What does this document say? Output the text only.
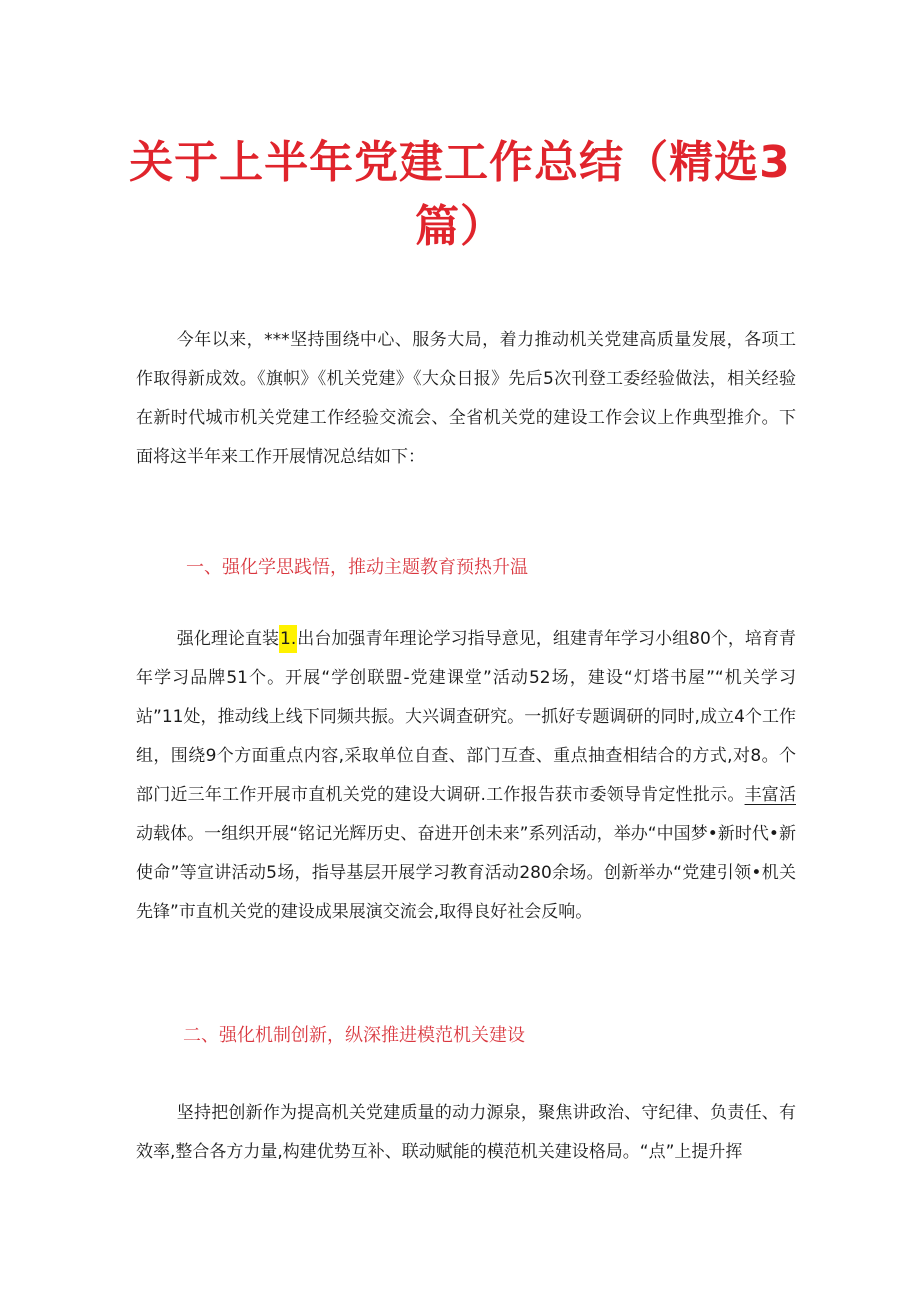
关于上半年党建工作总结（精选3
篇）

今年以来，***坚持围绕中心、服务大局，着力推动机关党建高质量发展，各项工作取得新成效。《旗帜》《机关党建》《大众日报》先后5次刊登工委经验做法，相关经验在新时代城市机关党建工作经验交流会、全省机关党的建设工作会议上作典型推介。下面将这半年来工作开展情况总结如下：

一、强化学思践悟，推动主题教育预热升温

强化理论直装1.出台加强青年理论学习指导意见，组建青年学习小组80个，培育青年学习品牌51个。开展“学创联盟-党建课堂”活动52场，建设“灯塔书屋”“机关学习站”11处，推动线上线下同频共振。大兴调查研究。一抓好专题调研的同时,成立4个工作组，围绕9个方面重点内容,采取单位自查、部门互查、重点抽查相结合的方式,对8。个部门近三年工作开展市直机关党的建设大调研.工作报告获市委领导肯定性批示。丰富活动载体。一组织开展“铭记光辉历史、奋进开创未来”系列活动，举办“中国梦•新时代•新使命”等宣讲活动5场，指导基层开展学习教育活动280余场。创新举办“党建引领•机关先锋”市直机关党的建设成果展演交流会,取得良好社会反响。

二、强化机制创新，纵深推进模范机关建设

坚持把创新作为提高机关党建质量的动力源泉，聚焦讲政治、守纪律、负责任、有效率,整合各方力量,构建优势互补、联动赋能的模范机关建设格局。“点”上提升挥
